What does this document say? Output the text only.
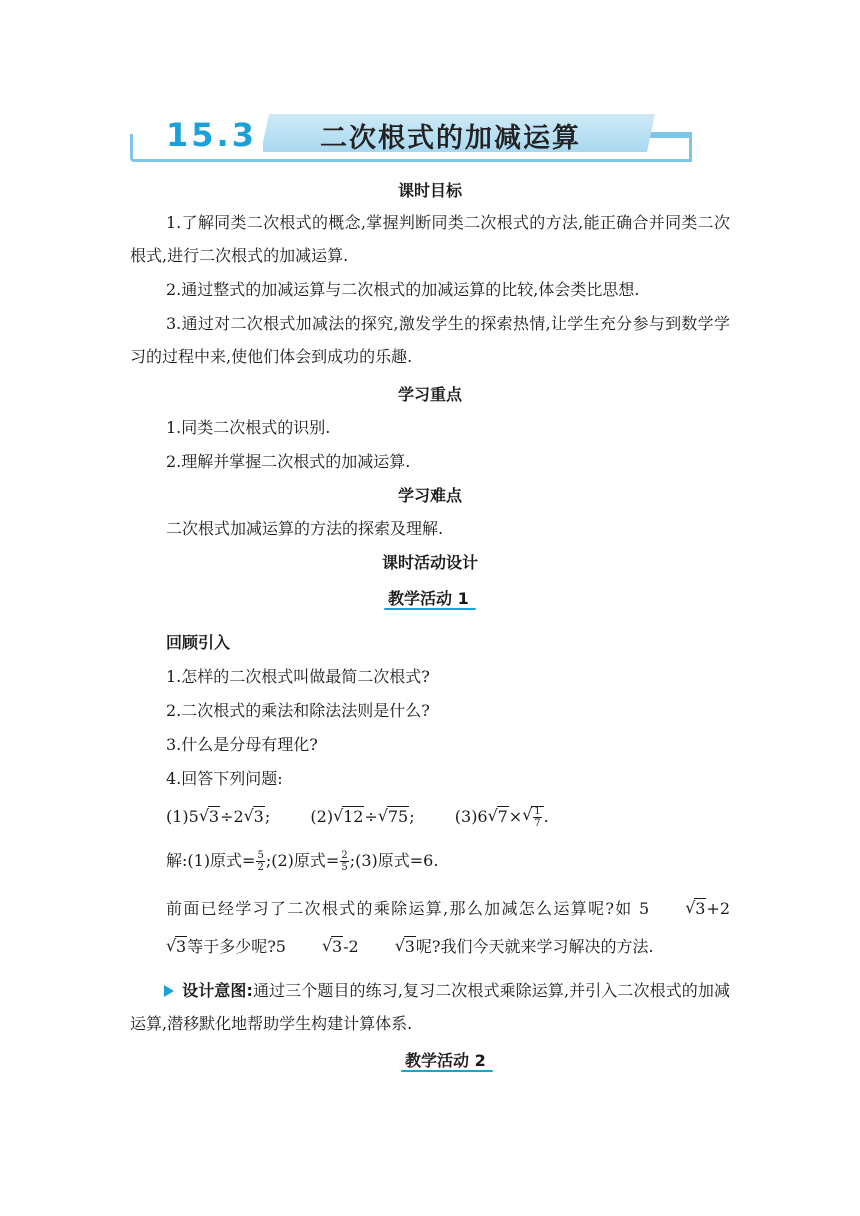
15.3 二次根式的加减运算
课时目标
1.了解同类二次根式的概念,掌握判断同类二次根式的方法,能正确合并同类二次根式,进行二次根式的加减运算.
2.通过整式的加减运算与二次根式的加减运算的比较,体会类比思想.
3.通过对二次根式加减法的探究,激发学生的探索热情,让学生充分参与到数学学习的过程中来,使他们体会到成功的乐趣.
学习重点
1.同类二次根式的识别.
2.理解并掌握二次根式的加减运算.
学习难点
二次根式加减运算的方法的探索及理解.
课时活动设计
教学活动 1
回顾引入
1.怎样的二次根式叫做最简二次根式?
2.二次根式的乘法和除法法则是什么?
3.什么是分母有理化?
4.回答下列问题:
(1)5 √ 3÷2 √ 3;	(2) √ 12÷ √ 75;	(3)6 √ 7× √ $\frac{1}{7}$ .
解:(1)原式= $\frac{5}{2}$ ;(2)原式= $\frac{2}{5}$ ;(3)原式=6.
前面已经学习了二次根式的乘除运算,那么加减怎么运算呢?如 5	√ 3+2√ 3等于多少呢?5	√ 3-2	√ 3呢?我们今天就来学习解决的方法.
设计意图:通过三个题目的练习,复习二次根式乘除运算,并引入二次根式的加减运算,潜移默化地帮助学生构建计算体系.
教学活动 2
